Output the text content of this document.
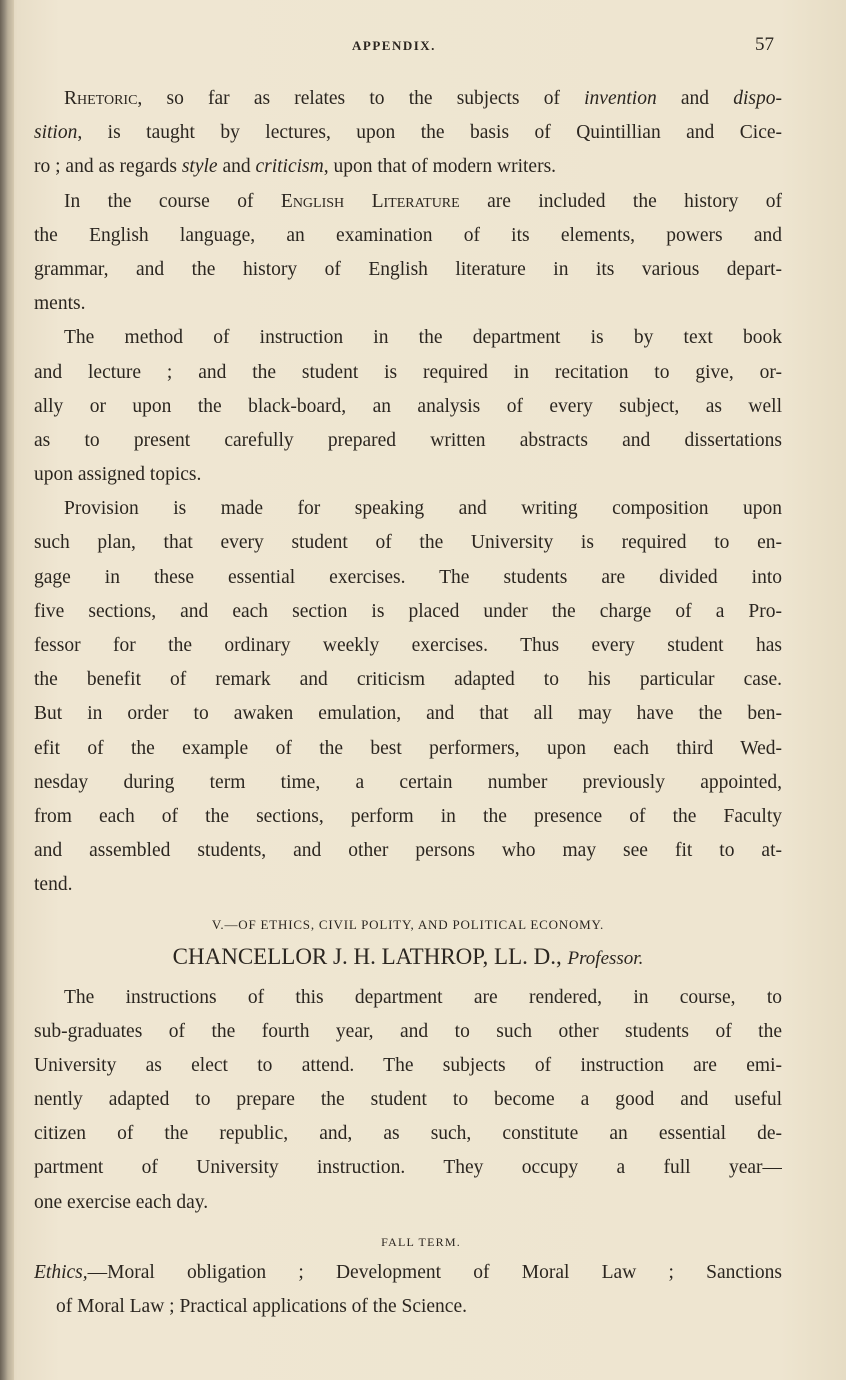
APPENDIX.	57
Rhetoric, so far as relates to the subjects of invention and dispo-
sition, is taught by lectures, upon the basis of Quintillian and Cice-
ro ; and as regards style and criticism, upon that of modern writers.
In the course of English Literature are included the history of
the English language, an examination of its elements, powers and
grammar, and the history of English literature in its various depart-
ments.
The method of instruction in the department is by text book
and lecture ; and the student is required in recitation to give, or-
ally or upon the black-board, an analysis of every subject, as well
as to present carefully prepared written abstracts and dissertations
upon assigned topics.
Provision is made for speaking and writing composition upon
such plan, that every student of the University is required to en-
gage in these essential exercises. The students are divided into
five sections, and each section is placed under the charge of a Pro-
fessor for the ordinary weekly exercises. Thus every student has
the benefit of remark and criticism adapted to his particular case.
But in order to awaken emulation, and that all may have the ben-
efit of the example of the best performers, upon each third Wed-
nesday during term time, a certain number previously appointed,
from each of the sections, perform in the presence of the Faculty
and assembled students, and other persons who may see fit to at-
tend.
V.—OF ETHICS, CIVIL POLITY, AND POLITICAL ECONOMY.
CHANCELLOR J. H. LATHROP, LL. D., Professor.
The instructions of this department are rendered, in course, to
sub-graduates of the fourth year, and to such other students of the
University as elect to attend. The subjects of instruction are emi-
nently adapted to prepare the student to become a good and useful
citizen of the republic, and, as such, constitute an essential de-
partment of University instruction. They occupy a full year—
one exercise each day.
FALL TERM.
Ethics,—Moral obligation ; Development of Moral Law ; Sanctions
of Moral Law ; Practical applications of the Science.
